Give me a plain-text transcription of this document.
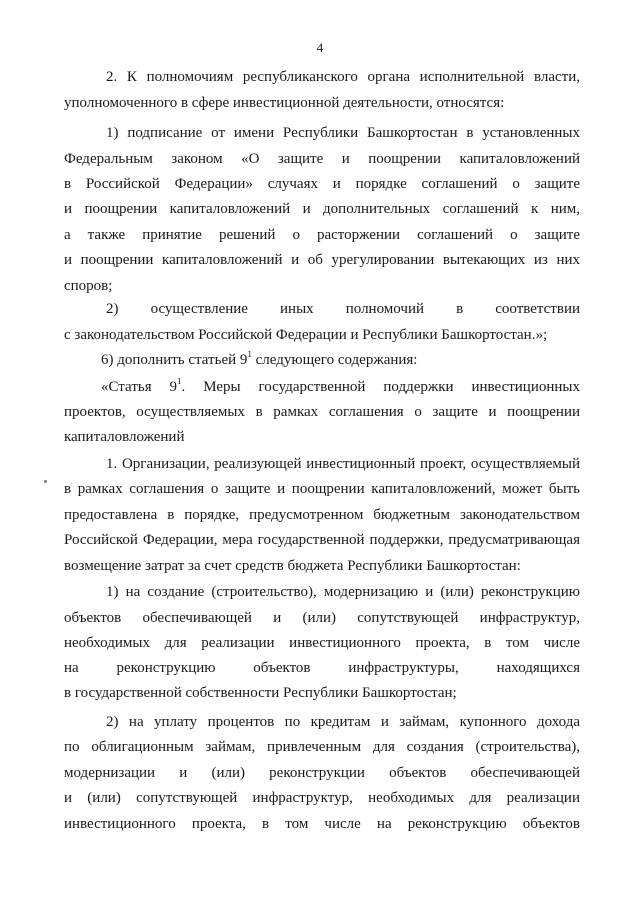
4
2. К полномочиям республиканского органа исполнительной власти,
уполномоченного в сфере инвестиционной деятельности, относятся:
1) подписание от имени Республики Башкортостан в установленных
Федеральным законом «О защите и поощрении капиталовложений
в Российской Федерации» случаях и порядке соглашений о защите
и поощрении капиталовложений и дополнительных соглашений к ним,
а также принятие решений о расторжении соглашений о защите
и поощрении капиталовложений и об урегулировании вытекающих из них
споров;
2) осуществление иных полномочий в соответствии
с законодательством Российской Федерации и Республики Башкортостан.»;
6) дополнить статьей $9^1$ следующего содержания:
«Статья $9^1$. Меры государственной поддержки инвестиционных
проектов, осуществляемых в рамках соглашения о защите и поощрении
капиталовложений
1. Организации, реализующей инвестиционный проект, осуществляемый
в рамках соглашения о защите и поощрении капиталовложений, может быть
предоставлена в порядке, предусмотренном бюджетным законодательством
Российской Федерации, мера государственной поддержки, предусматривающая
возмещение затрат за счет средств бюджета Республики Башкортостан:
1) на создание (строительство), модернизацию и (или) реконструкцию
объектов обеспечивающей и (или) сопутствующей инфраструктур,
необходимых для реализации инвестиционного проекта, в том числе
на реконструкцию объектов инфраструктуры, находящихся
в государственной собственности Республики Башкортостан;
2) на уплату процентов по кредитам и займам, купонного дохода
по облигационным займам, привлеченным для создания (строительства),
модернизации и (или) реконструкции объектов обеспечивающей
и (или) сопутствующей инфраструктур, необходимых для реализации
инвестиционного проекта, в том числе на реконструкцию объектов
